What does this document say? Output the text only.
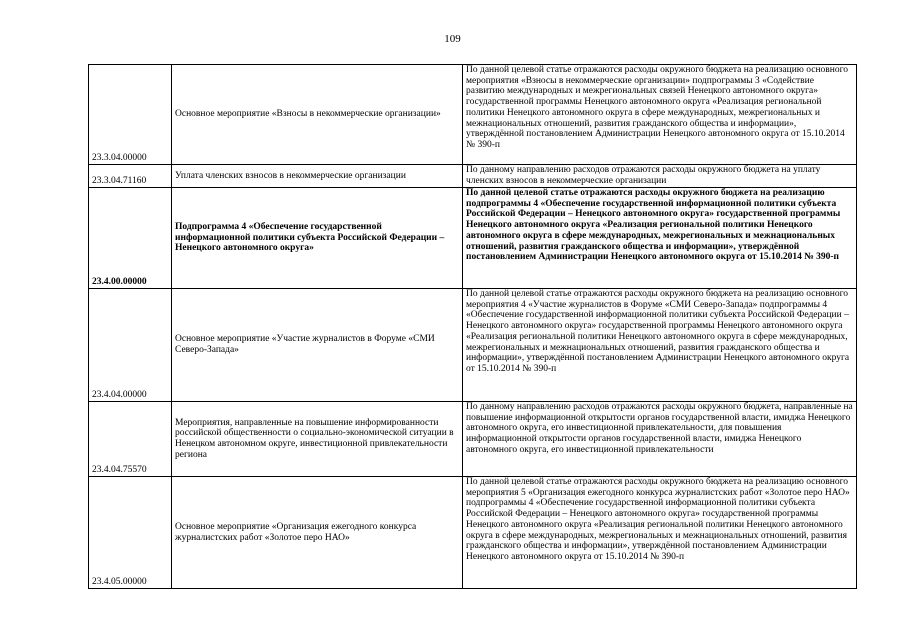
109
23.3.04.00000	Основное мероприятие «Взносы в некоммерческие организации»	По данной целевой статье отражаются расходы окружного бюджета на реализацию основного мероприятия «Взносы в некоммерческие организации» подпрограммы 3 «Содействие развитию международных и межрегиональных связей Ненецкого автономного округа» государственной программы Ненецкого автономного округа «Реализация региональной политики Ненецкого автономного округа в сфере международных, межрегиональных и межнациональных отношений, развития гражданского общества и информации», утверждённой постановлением Администрации Ненецкого автономного округа от 15.10.2014 № 390-п
23.3.04.71160	Уплата членских взносов в некоммерческие организации	По данному направлению расходов отражаются расходы окружного бюджета на уплату членских взносов в некоммерческие организации
23.4.00.00000	Подпрограмма 4 «Обеспечение государственной информационной политики субъекта Российской Федерации – Ненецкого автономного округа»	По данной целевой статье отражаются расходы окружного бюджета на реализацию подпрограммы 4 «Обеспечение государственной информационной политики субъекта Российской Федерации – Ненецкого автономного округа» государственной программы Ненецкого автономного округа «Реализация региональной политики Ненецкого автономного округа в сфере международных, межрегиональных и межнациональных отношений, развития гражданского общества и информации», утверждённой постановлением Администрации Ненецкого автономного округа от 15.10.2014 № 390-п
23.4.04.00000	Основное мероприятие «Участие журналистов в Форуме «СМИ Северо-Запада»	По данной целевой статье отражаются расходы окружного бюджета на реализацию основного мероприятия 4 «Участие журналистов в Форуме «СМИ Северо-Запада» подпрограммы 4 «Обеспечение государственной информационной политики субъекта Российской Федерации – Ненецкого автономного округа» государственной программы Ненецкого автономного округа «Реализация региональной политики Ненецкого автономного округа в сфере международных, межрегиональных и межнациональных отношений, развития гражданского общества и информации», утверждённой постановлением Администрации Ненецкого автономного округа от 15.10.2014 № 390-п
23.4.04.75570	Мероприятия, направленные на повышение информированности российской общественности о социально-экономической ситуации в Ненецком автономном округе, инвестиционной привлекательности региона	По данному направлению расходов отражаются расходы окружного бюджета, направленные на повышение информационной открытости органов государственной власти, имиджа Ненецкого автономного округа, его инвестиционной привлекательности, для повышения информационной открытости органов государственной власти, имиджа Ненецкого автономного округа, его инвестиционной привлекательности
23.4.05.00000	Основное мероприятие «Организация ежегодного конкурса журналистских работ «Золотое перо НАО»	По данной целевой статье отражаются расходы окружного бюджета на реализацию основного мероприятия 5 «Организация ежегодного конкурса журналистских работ «Золотое перо НАО» подпрограммы 4 «Обеспечение государственной информационной политики субъекта Российской Федерации – Ненецкого автономного округа» государственной программы Ненецкого автономного округа «Реализация региональной политики Ненецкого автономного округа в сфере международных, межрегиональных и межнациональных отношений, развития гражданского общества и информации», утверждённой постановлением Администрации Ненецкого автономного округа от 15.10.2014 № 390-п
